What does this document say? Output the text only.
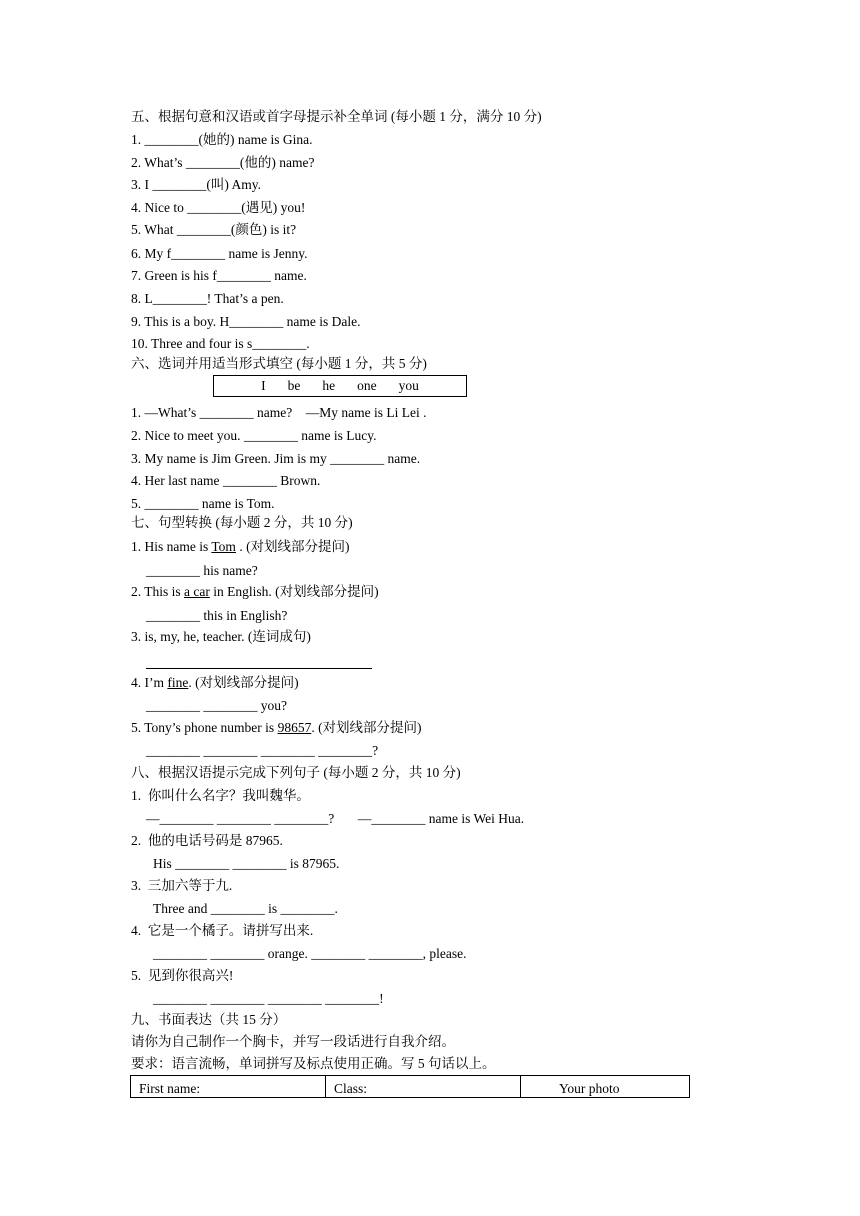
五、根据句意和汉语或首字母提示补全单词 (每小题 1 分，满分 10 分)
1. ________(她的) name is Gina.
2. What’s ________(他的) name?
3. I ________(叫) Amy.
4. Nice to ________(遇见) you!
5. What ________(颜色) is it?
6. My f________ name is Jenny.
7. Green is his f________ name.
8. L________! That’s a pen.
9. This is a boy. H________ name is Dale.
10. Three and four is s________.
六、选词并用适当形式填空 (每小题 1 分，共 5 分)
I be he one you
1. —What’s ________ name?    —My name is Li Lei .
2. Nice to meet you. ________ name is Lucy.
3. My name is Jim Green. Jim is my ________ name.
4. Her last name ________ Brown.
5. ________ name is Tom.
七、句型转换 (每小题 2 分，共 10 分)
1. His name is Tom . (对划线部分提问)
________ his name?
2. This is a car in English. (对划线部分提问)
________ this in English?
3. is, my, he, teacher. (连词成句)
4. I’m fine. (对划线部分提问)
________ ________ you?
5. Tony’s phone number is 98657. (对划线部分提问)
________ ________ ________ ________?
八、根据汉语提示完成下列句子 (每小题 2 分，共 10 分)
1.  你叫什么名字？我叫魏华。
—________ ________ ________?       —________ name is Wei Hua.
2.  他的电话号码是 87965.
His ________ ________ is 87965.
3.  三加六等于九.
Three and ________ is ________.
4.  它是一个橘子。请拼写出来.
________ ________ orange. ________ ________, please.
5.  见到你很高兴!
________ ________ ________ ________!
九、书面表达（共 15 分）
请你为自己制作一个胸卡，并写一段话进行自我介绍。
要求：语言流畅，单词拼写及标点使用正确。写 5 句话以上。
First name:	Class:	Your photo
